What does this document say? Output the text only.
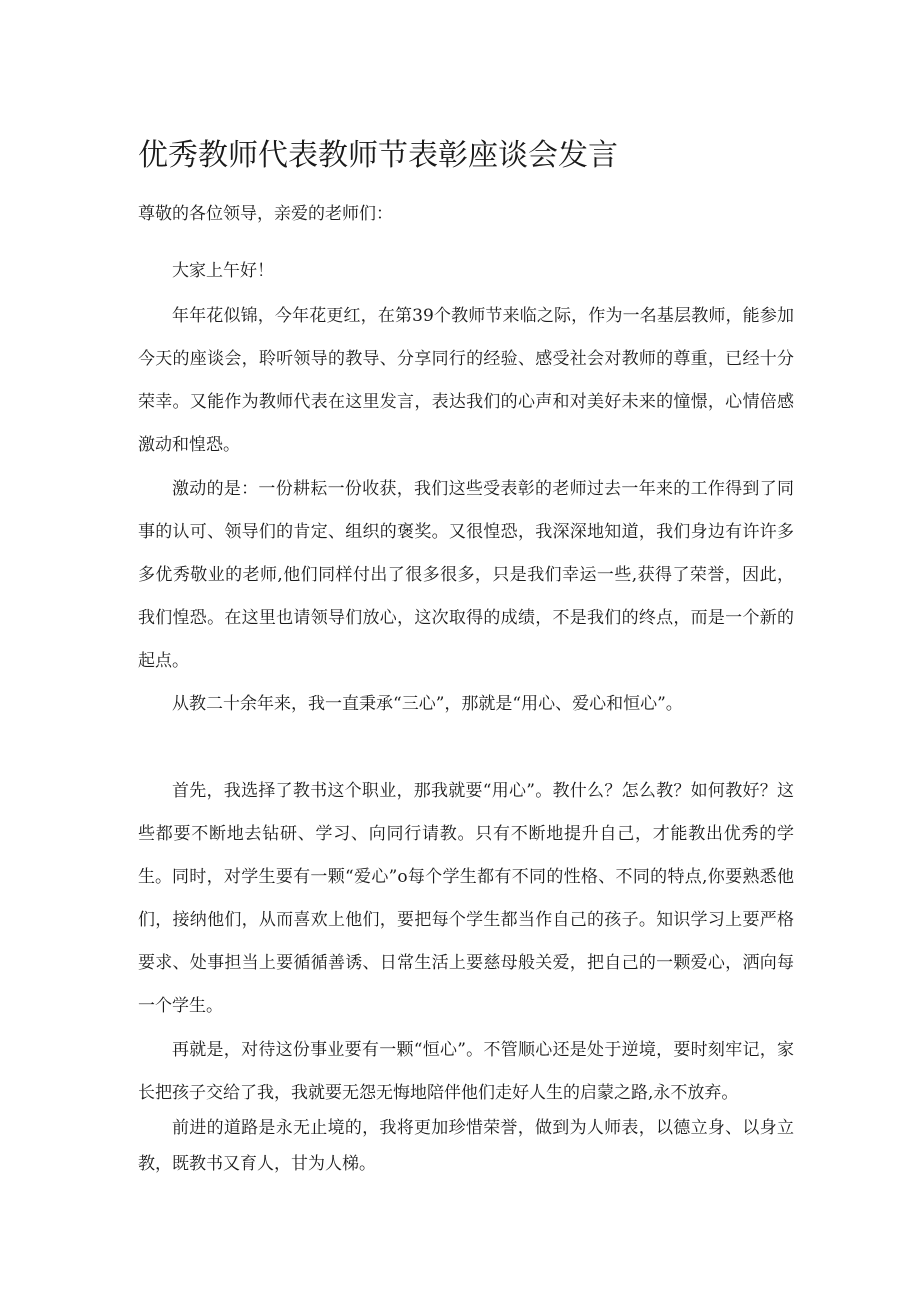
优秀教师代表教师节表彰座谈会发言

尊敬的各位领导，亲爱的老师们：

大家上午好！

年年花似锦，今年花更红，在第39个教师节来临之际，作为一名基层教师，能参加今天的座谈会，聆听领导的教导、分享同行的经验、感受社会对教师的尊重，已经十分荣幸。又能作为教师代表在这里发言，表达我们的心声和对美好未来的憧憬，心情倍感激动和惶恐。

激动的是：一份耕耘一份收获，我们这些受表彰的老师过去一年来的工作得到了同事的认可、领导们的肯定、组织的褒奖。又很惶恐，我深深地知道，我们身边有许许多多优秀敬业的老师,他们同样付出了很多很多，只是我们幸运一些,获得了荣誉，因此，我们惶恐。在这里也请领导们放心，这次取得的成绩，不是我们的终点，而是一个新的起点。

从教二十余年来，我一直秉承“三心”，那就是“用心、爱心和恒心”。

首先，我选择了教书这个职业，那我就要“用心”。教什么？怎么教？如何教好？这些都要不断地去钻研、学习、向同行请教。只有不断地提升自己，才能教出优秀的学生。 同时，对学生要有一颗“爱心”o每个学生都有不同的性格、不同的特点,你要熟悉他们，接纳他们，从而喜欢上他们，要把每个学生都当作自己的孩子。知识学习上要严格要求、处事担当上要循循善诱、日常生活上要慈母般关爱，把自己的一颗爱心，洒向每一个学生。

再就是，对待这份事业要有一颗“恒心”。不管顺心还是处于逆境，要时刻牢记，家长把孩子交给了我，我就要无怨无悔地陪伴他们走好人生的启蒙之路,永不放弃。

前进的道路是永无止境的，我将更加珍惜荣誉，做到为人师表，以德立身、以身立教，既教书又育人，甘为人梯。
